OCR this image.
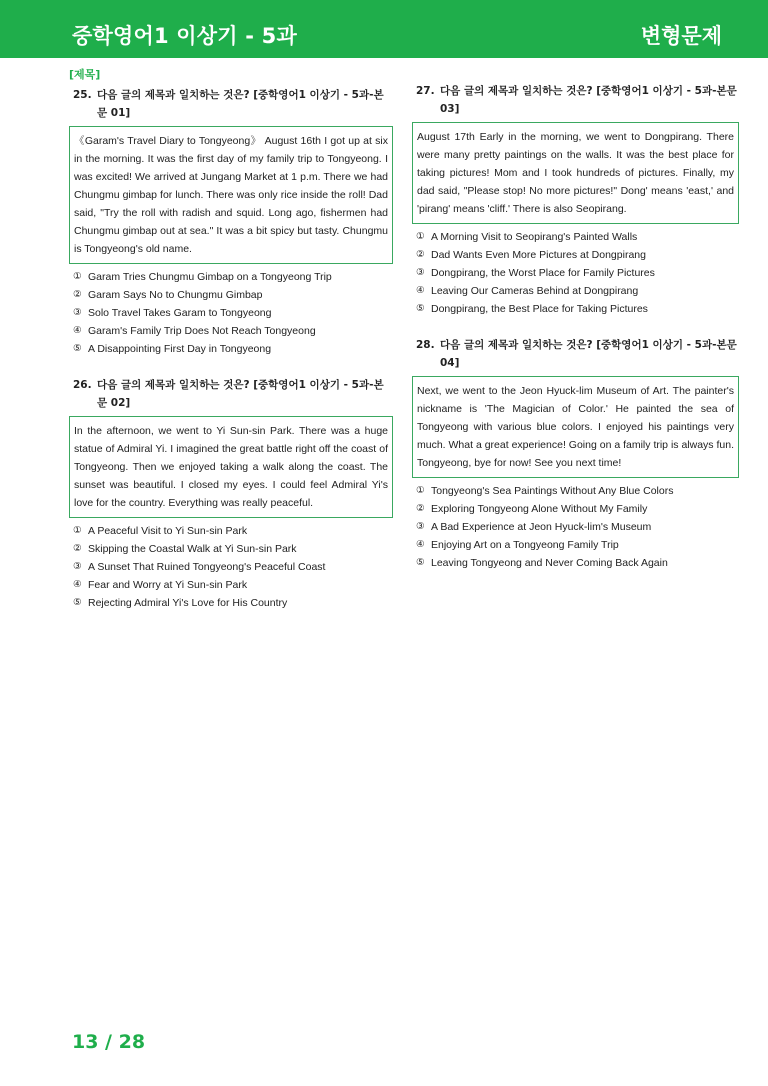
중학영어1 이상기 - 5과	변형문제
[제목]
25. 다음 글의 제목과 일치하는 것은? [중학영어1 이상기 - 5과-본문 01]
《Garam's Travel Diary to Tongyeong》 August 16th I got up at six in the morning. It was the first day of my family trip to Tongyeong. I was excited! We arrived at Jungang Market at 1 p.m. There we had Chungmu gimbap for lunch. There was only rice inside the roll! Dad said, "Try the roll with radish and squid. Long ago, fishermen had Chungmu gimbap out at sea." It was a bit spicy but tasty. Chungmu is Tongyeong's old name.
① Garam Tries Chungmu Gimbap on a Tongyeong Trip
② Garam Says No to Chungmu Gimbap
③ Solo Travel Takes Garam to Tongyeong
④ Garam's Family Trip Does Not Reach Tongyeong
⑤ A Disappointing First Day in Tongyeong
26. 다음 글의 제목과 일치하는 것은? [중학영어1 이상기 - 5과-본문 02]
In the afternoon, we went to Yi Sun-sin Park. There was a huge statue of Admiral Yi. I imagined the great battle right off the coast of Tongyeong. Then we enjoyed taking a walk along the coast. The sunset was beautiful. I closed my eyes. I could feel Admiral Yi's love for the country. Everything was really peaceful.
① A Peaceful Visit to Yi Sun-sin Park
② Skipping the Coastal Walk at Yi Sun-sin Park
③ A Sunset That Ruined Tongyeong's Peaceful Coast
④ Fear and Worry at Yi Sun-sin Park
⑤ Rejecting Admiral Yi's Love for His Country
27. 다음 글의 제목과 일치하는 것은? [중학영어1 이상기 - 5과-본문 03]
August 17th Early in the morning, we went to Dongpirang. There were many pretty paintings on the walls. It was the best place for taking pictures! Mom and I took hundreds of pictures. Finally, my dad said, "Please stop! No more pictures!" Dong' means 'east,' and 'pirang' means 'cliff.' There is also Seopirang.
① A Morning Visit to Seopirang's Painted Walls
② Dad Wants Even More Pictures at Dongpirang
③ Dongpirang, the Worst Place for Family Pictures
④ Leaving Our Cameras Behind at Dongpirang
⑤ Dongpirang, the Best Place for Taking Pictures
28. 다음 글의 제목과 일치하는 것은? [중학영어1 이상기 - 5과-본문 04]
Next, we went to the Jeon Hyuck-lim Museum of Art. The painter's nickname is 'The Magician of Color.' He painted the sea of Tongyeong with various blue colors. I enjoyed his paintings very much. What a great experience! Going on a family trip is always fun. Tongyeong, bye for now! See you next time!
① Tongyeong's Sea Paintings Without Any Blue Colors
② Exploring Tongyeong Alone Without My Family
③ A Bad Experience at Jeon Hyuck-lim's Museum
④ Enjoying Art on a Tongyeong Family Trip
⑤ Leaving Tongyeong and Never Coming Back Again
13 / 28
